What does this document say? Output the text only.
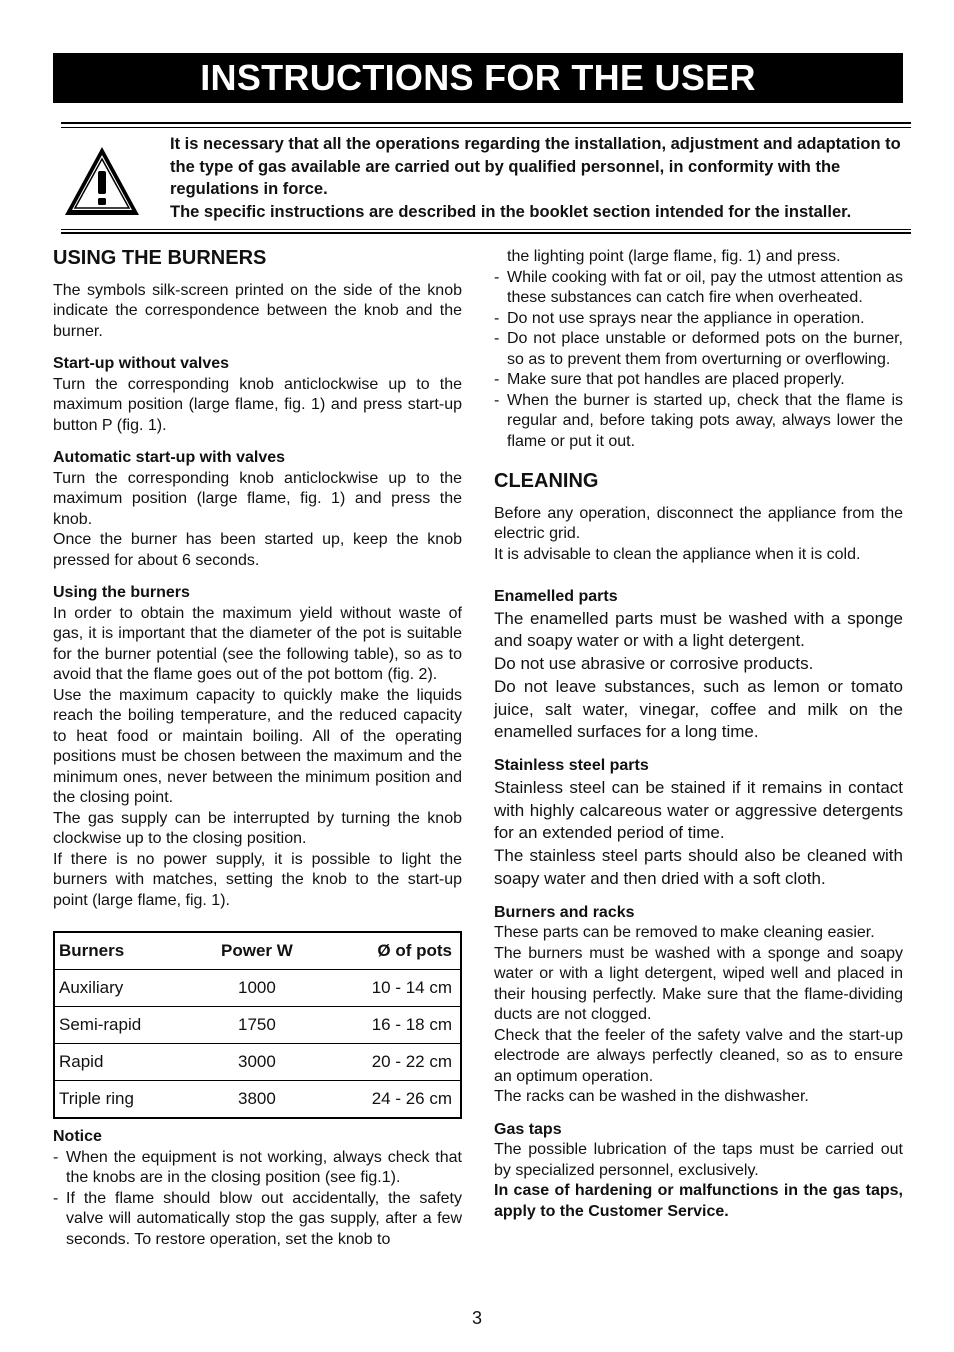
INSTRUCTIONS FOR THE USER
It is necessary that all the operations regarding the installation, adjustment and adaptation to the type of gas available are carried out by qualified personnel, in conformity with the regulations in force.
The specific instructions are described in the booklet section intended for the installer.
USING THE BURNERS

The symbols silk-screen printed on the side of the knob indicate the correspondence between the knob and the burner.

Start-up without valves

Turn the corresponding knob anticlockwise up to the maximum position (large flame, fig. 1) and press start-up button P (fig. 1).

Automatic start-up with valves

Turn the corresponding knob anticlockwise up to the maximum position (large flame, fig. 1) and press the knob.

Once the burner has been started up, keep the knob pressed for about 6 seconds.

Using the burners

In order to obtain the maximum yield without waste of gas, it is important that the diameter of the pot is suitable for the burner potential (see the following table), so as to avoid that the flame goes out of the pot bottom (fig. 2).

Use the maximum capacity to quickly make the liquids reach the boiling temperature, and the reduced capacity to heat food or maintain boiling. All of the operating positions must be chosen between the maximum and the minimum ones, never between the minimum position and the closing point.

The gas supply can be interrupted by turning the knob clockwise up to the closing position.

If there is no power supply, it is possible to light the burners with matches, setting the knob to the start-up point (large flame, fig. 1).

Burners	Power W	Ø of pots
Auxiliary	1000	10 - 14 cm
Semi-rapid	1750	16 - 18 cm
Rapid	3000	20 - 22 cm
Triple ring	3800	24 - 26 cm
Notice
- When the equipment is not working, always check that the knobs are in the closing position (see fig.1).
- If the flame should blow out accidentally, the safety valve will automatically stop the gas supply, after a few seconds. To restore operation, set the knob to
the lighting point (large flame, fig. 1) and press.
- While cooking with fat or oil, pay the utmost attention as these substances can catch fire when overheated.
- Do not use sprays near the appliance in operation.
- Do not place unstable or deformed pots on the burner, so as to prevent them from overturning or overflowing.
- Make sure that pot handles are placed properly.
- When the burner is started up, check that the flame is regular and, before taking pots away, always lower the flame or put it out.
CLEANING

Before any operation, disconnect the appliance from the electric grid.

It is advisable to clean the appliance when it is cold.

Enamelled parts

The enamelled parts must be washed with a sponge and soapy water or with a light detergent.

Do not use abrasive or corrosive products.

Do not leave substances, such as lemon or tomato juice, salt water, vinegar, coffee and milk on the enamelled surfaces for a long time.

Stainless steel parts

Stainless steel can be stained if it remains in contact with highly calcareous water or aggressive detergents for an extended period of time.

The stainless steel parts should also be cleaned with soapy water and then dried with a soft cloth.

Burners and racks

These parts can be removed to make cleaning easier.

The burners must be washed with a sponge and soapy water or with a light detergent, wiped well and placed in their housing perfectly. Make sure that the flame-dividing ducts are not clogged.

Check that the feeler of the safety valve and the start-up electrode are always perfectly cleaned, so as to ensure an optimum operation.

The racks can be washed in the dishwasher.

Gas taps

The possible lubrication of the taps must be carried out by specialized personnel, exclusively.

In case of hardening or malfunctions in the gas taps, apply to the Customer Service.

3
